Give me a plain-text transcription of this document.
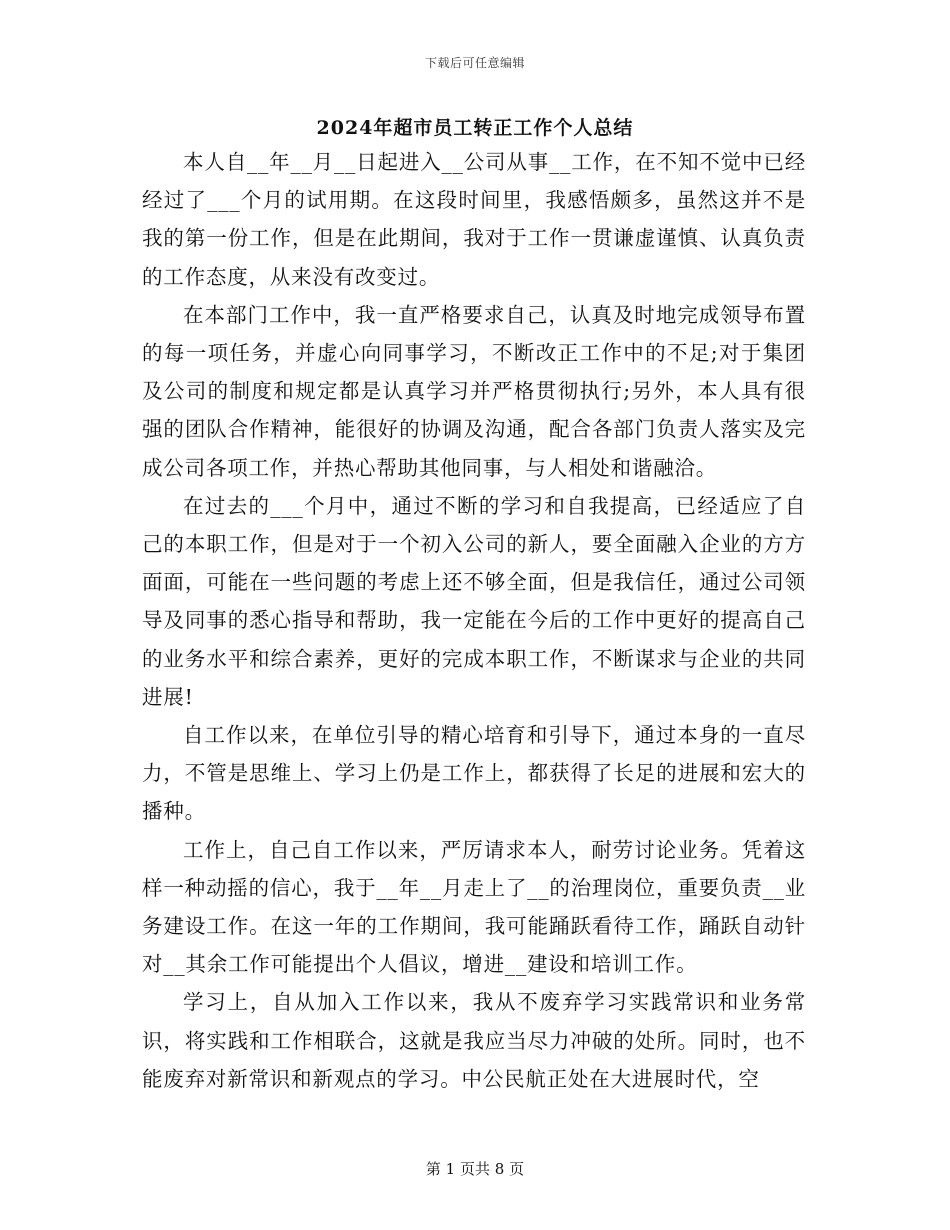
下载后可任意编辑
2024年超市员工转正工作个人总结

本人自__年__月__日起进入__公司从事__工作，在不知不觉中已经经过了___个月的试用期。在这段时间里，我感悟颇多，虽然这并不是我的第一份工作，但是在此期间，我对于工作一贯谦虚谨慎、认真负责的工作态度，从来没有改变过。

在本部门工作中，我一直严格要求自己，认真及时地完成领导布置的每一项任务，并虚心向同事学习，不断改正工作中的不足;对于集团及公司的制度和规定都是认真学习并严格贯彻执行;另外，本人具有很强的团队合作精神，能很好的协调及沟通，配合各部门负责人落实及完成公司各项工作，并热心帮助其他同事，与人相处和谐融洽。

在过去的___个月中，通过不断的学习和自我提高，已经适应了自己的本职工作，但是对于一个初入公司的新人，要全面融入企业的方方面面，可能在一些问题的考虑上还不够全面，但是我信任，通过公司领导及同事的悉心指导和帮助，我一定能在今后的工作中更好的提高自己的业务水平和综合素养，更好的完成本职工作，不断谋求与企业的共同进展!

自工作以来，在单位引导的精心培育和引导下，通过本身的一直尽力，不管是思维上、学习上仍是工作上，都获得了长足的进展和宏大的播种。

工作上，自己自工作以来，严厉请求本人，耐劳讨论业务。凭着这样一种动摇的信心，我于__年__月走上了__的治理岗位，重要负责__业务建设工作。在这一年的工作期间，我可能踊跃看待工作，踊跃自动针对__其余工作可能提出个人倡议，增进__建设和培训工作。

学习上，自从加入工作以来，我从不废弃学习实践常识和业务常识，将实践和工作相联合，这就是我应当尽力冲破的处所。同时，也不能废弃对新常识和新观点的学习。中公民航正处在大进展时代，空

第 1 页共 8 页
